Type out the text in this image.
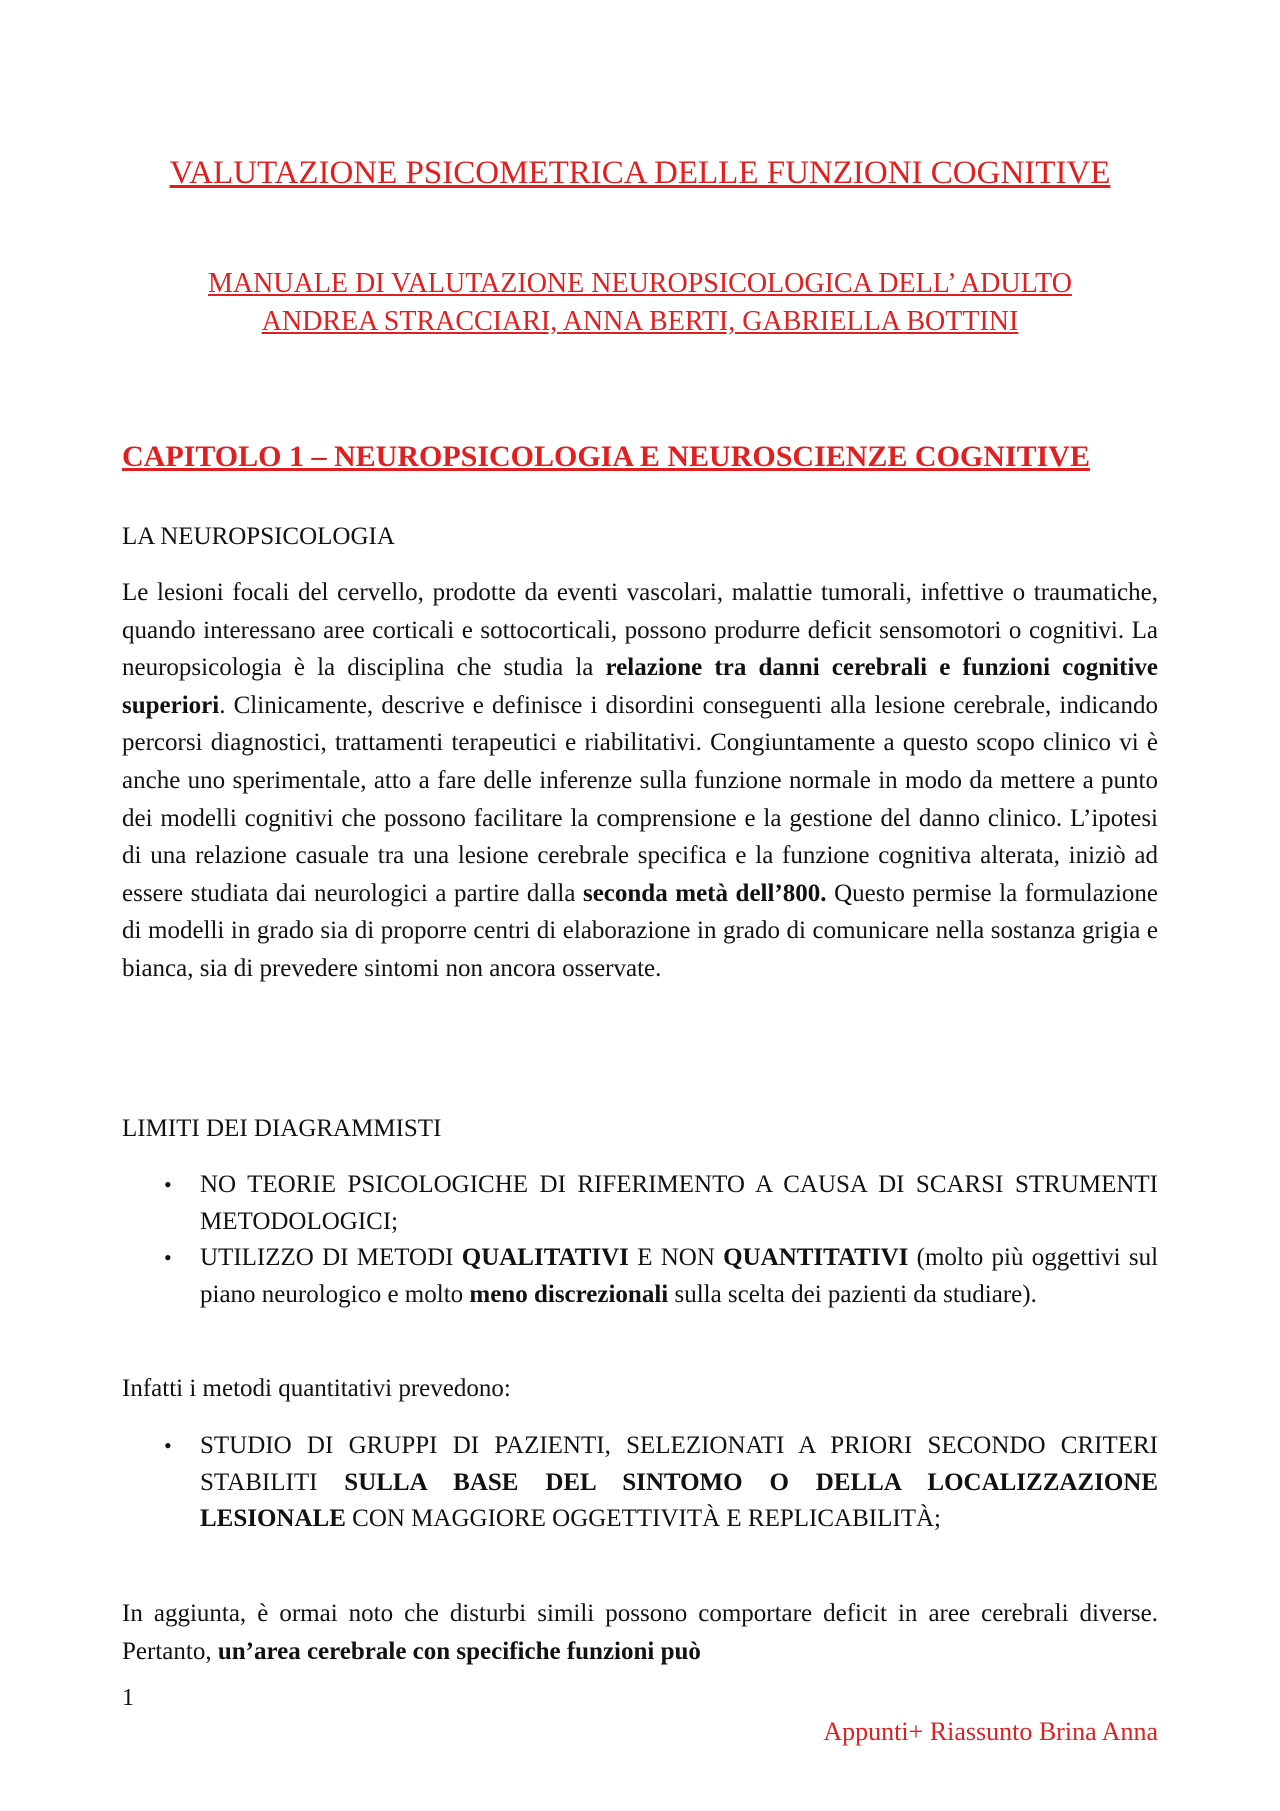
VALUTAZIONE PSICOMETRICA DELLE FUNZIONI COGNITIVE
MANUALE DI VALUTAZIONE NEUROPSICOLOGICA DELL’ ADULTO
ANDREA STRACCIARI, ANNA BERTI, GABRIELLA BOTTINI
CAPITOLO 1 – NEUROPSICOLOGIA E NEUROSCIENZE COGNITIVE
LA NEUROPSICOLOGIA

Le lesioni focali del cervello, prodotte da eventi vascolari, malattie tumorali, infettive o traumatiche, quando interessano aree corticali e sottocorticali, possono produrre deficit sensomotori o cognitivi. La neuropsicologia è la disciplina che studia la relazione tra danni cerebrali e funzioni cognitive superiori. Clinicamente, descrive e definisce i disordini conseguenti alla lesione cerebrale, indicando percorsi diagnostici, trattamenti terapeutici e riabilitativi. Congiuntamente a questo scopo clinico vi è anche uno sperimentale, atto a fare delle inferenze sulla funzione normale in modo da mettere a punto dei modelli cognitivi che possono facilitare la comprensione e la gestione del danno clinico. L’ipotesi di una relazione casuale tra una lesione cerebrale specifica e la funzione cognitiva alterata, iniziò ad essere studiata dai neurologici a partire dalla seconda metà dell’800. Questo permise la formulazione di modelli in grado sia di proporre centri di elaborazione in grado di comunicare nella sostanza grigia e bianca, sia di prevedere sintomi non ancora osservate.

LIMITI DEI DIAGRAMMISTI
• NO TEORIE PSICOLOGICHE DI RIFERIMENTO A CAUSA DI SCARSI STRUMENTI METODOLOGICI;
• UTILIZZO DI METODI QUALITATIVI E NON QUANTITATIVI (molto più oggettivi sul piano neurologico e molto meno discrezionali sulla scelta dei pazienti da studiare).
Infatti i metodi quantitativi prevedono:
• STUDIO DI GRUPPI DI PAZIENTI, SELEZIONATI A PRIORI SECONDO CRITERI STABILITI SULLA BASE DEL SINTOMO O DELLA LOCALIZZAZIONE LESIONALE CON MAGGIORE OGGETTIVITÀ E REPLICABILITÀ;

In aggiunta, è ormai noto che disturbi simili possono comportare deficit in aree cerebrali diverse. Pertanto, un’area cerebrale con specifiche funzioni può

1
Appunti+ Riassunto Brina Anna
